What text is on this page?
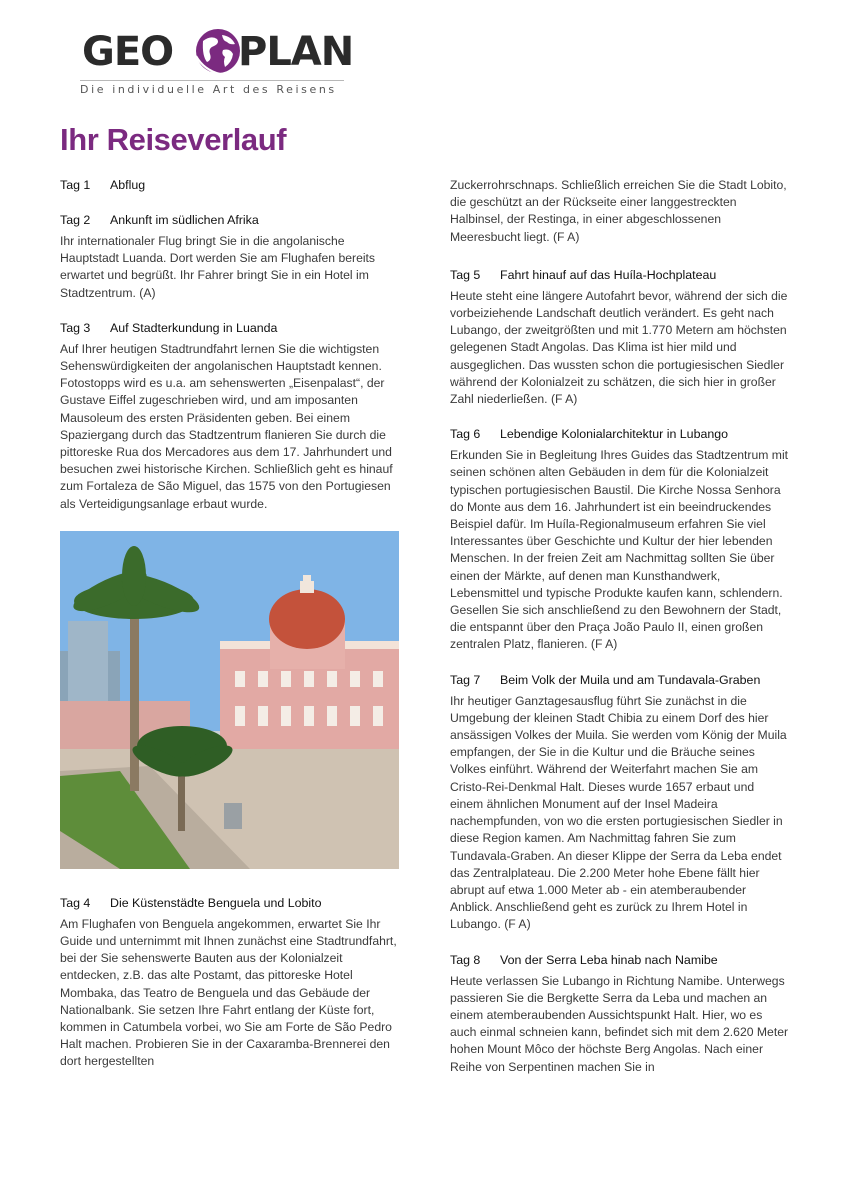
GEO PLAN
Die individuelle Art des Reisens
Ihr Reiseverlauf
Tag 1 Abflug
Tag 2 Ankunft im südlichen Afrika

Ihr internationaler Flug bringt Sie in die angolanische Hauptstadt Luanda. Dort werden Sie am Flughafen bereits erwartet und begrüßt. Ihr Fahrer bringt Sie in ein Hotel im Stadtzentrum. (A)

Tag 3 Auf Stadterkundung in Luanda

Auf Ihrer heutigen Stadtrundfahrt lernen Sie die wichtigsten Sehenswürdigkeiten der angolanischen Hauptstadt kennen. Fotostopps wird es u.a. am sehenswerten „Eisenpalast“, der Gustave Eiffel zugeschrieben wird, und am imposanten Mausoleum des ersten Präsidenten geben. Bei einem Spaziergang durch das Stadtzentrum flanieren Sie durch die pittoreske Rua dos Mercadores aus dem 17. Jahrhundert und besuchen zwei historische Kirchen. Schließlich geht es hinauf zum Fortaleza de São Miguel, das 1575 von den Portugiesen als Verteidigungsanlage erbaut wurde.

Tag 4 Die Küstenstädte Benguela und Lobito

Am Flughafen von Benguela angekommen, erwartet Sie Ihr Guide und unternimmt mit Ihnen zunächst eine Stadtrundfahrt, bei der Sie sehenswerte Bauten aus der Kolonialzeit entdecken, z.B. das alte Postamt, das pittoreske Hotel Mombaka, das Teatro de Benguela und das Gebäude der Nationalbank. Sie setzen Ihre Fahrt entlang der Küste fort, kommen in Catumbela vorbei, wo Sie am Forte de São Pedro Halt machen. Probieren Sie in der Caxaramba-Brennerei den dort hergestellten

Zuckerrohrschnaps. Schließlich erreichen Sie die Stadt Lobito, die geschützt an der Rückseite einer langgestreckten Halbinsel, der Restinga, in einer abgeschlossenen Meeresbucht liegt. (F A)

Tag 5 Fahrt hinauf auf das Huíla-Hochplateau

Heute steht eine längere Autofahrt bevor, während der sich die vorbeiziehende Landschaft deutlich verändert. Es geht nach Lubango, der zweitgrößten und mit 1.770 Metern am höchsten gelegenen Stadt Angolas. Das Klima ist hier mild und ausgeglichen. Das wussten schon die portugiesischen Siedler während der Kolonialzeit zu schätzen, die sich hier in großer Zahl niederließen. (F A)

Tag 6 Lebendige Kolonialarchitektur in Lubango

Erkunden Sie in Begleitung Ihres Guides das Stadtzentrum mit seinen schönen alten Gebäuden in dem für die Kolonialzeit typischen portugiesischen Baustil. Die Kirche Nossa Senhora do Monte aus dem 16. Jahrhundert ist ein beeindruckendes Beispiel dafür. Im Huíla-Regionalmuseum erfahren Sie viel Interessantes über Geschichte und Kultur der hier lebenden Menschen. In der freien Zeit am Nachmittag sollten Sie über einen der Märkte, auf denen man Kunsthandwerk, Lebensmittel und typische Produkte kaufen kann, schlendern. Gesellen Sie sich anschließend zu den Bewohnern der Stadt, die entspannt über den Praça João Paulo II, einen großen zentralen Platz, flanieren. (F A)

Tag 7 Beim Volk der Muila und am Tundavala-Graben

Ihr heutiger Ganztagesausflug führt Sie zunächst in die Umgebung der kleinen Stadt Chibia zu einem Dorf des hier ansässigen Volkes der Muila. Sie werden vom König der Muila empfangen, der Sie in die Kultur und die Bräuche seines Volkes einführt. Während der Weiterfahrt machen Sie am Cristo-Rei-Denkmal Halt. Dieses wurde 1657 erbaut und einem ähnlichen Monument auf der Insel Madeira nachempfunden, von wo die ersten portugiesischen Siedler in diese Region kamen. Am Nachmittag fahren Sie zum Tundavala-Graben. An dieser Klippe der Serra da Leba endet das Zentralplateau. Die 2.200 Meter hohe Ebene fällt hier abrupt auf etwa 1.000 Meter ab - ein atemberaubender Anblick. Anschließend geht es zurück zu Ihrem Hotel in Lubango. (F A)

Tag 8 Von der Serra Leba hinab nach Namibe

Heute verlassen Sie Lubango in Richtung Namibe. Unterwegs passieren Sie die Bergkette Serra da Leba und machen an einem atemberaubenden Aussichtspunkt Halt. Hier, wo es auch einmal schneien kann, befindet sich mit dem 2.620 Meter hohen Mount Môco der höchste Berg Angolas. Nach einer Reihe von Serpentinen machen Sie in
